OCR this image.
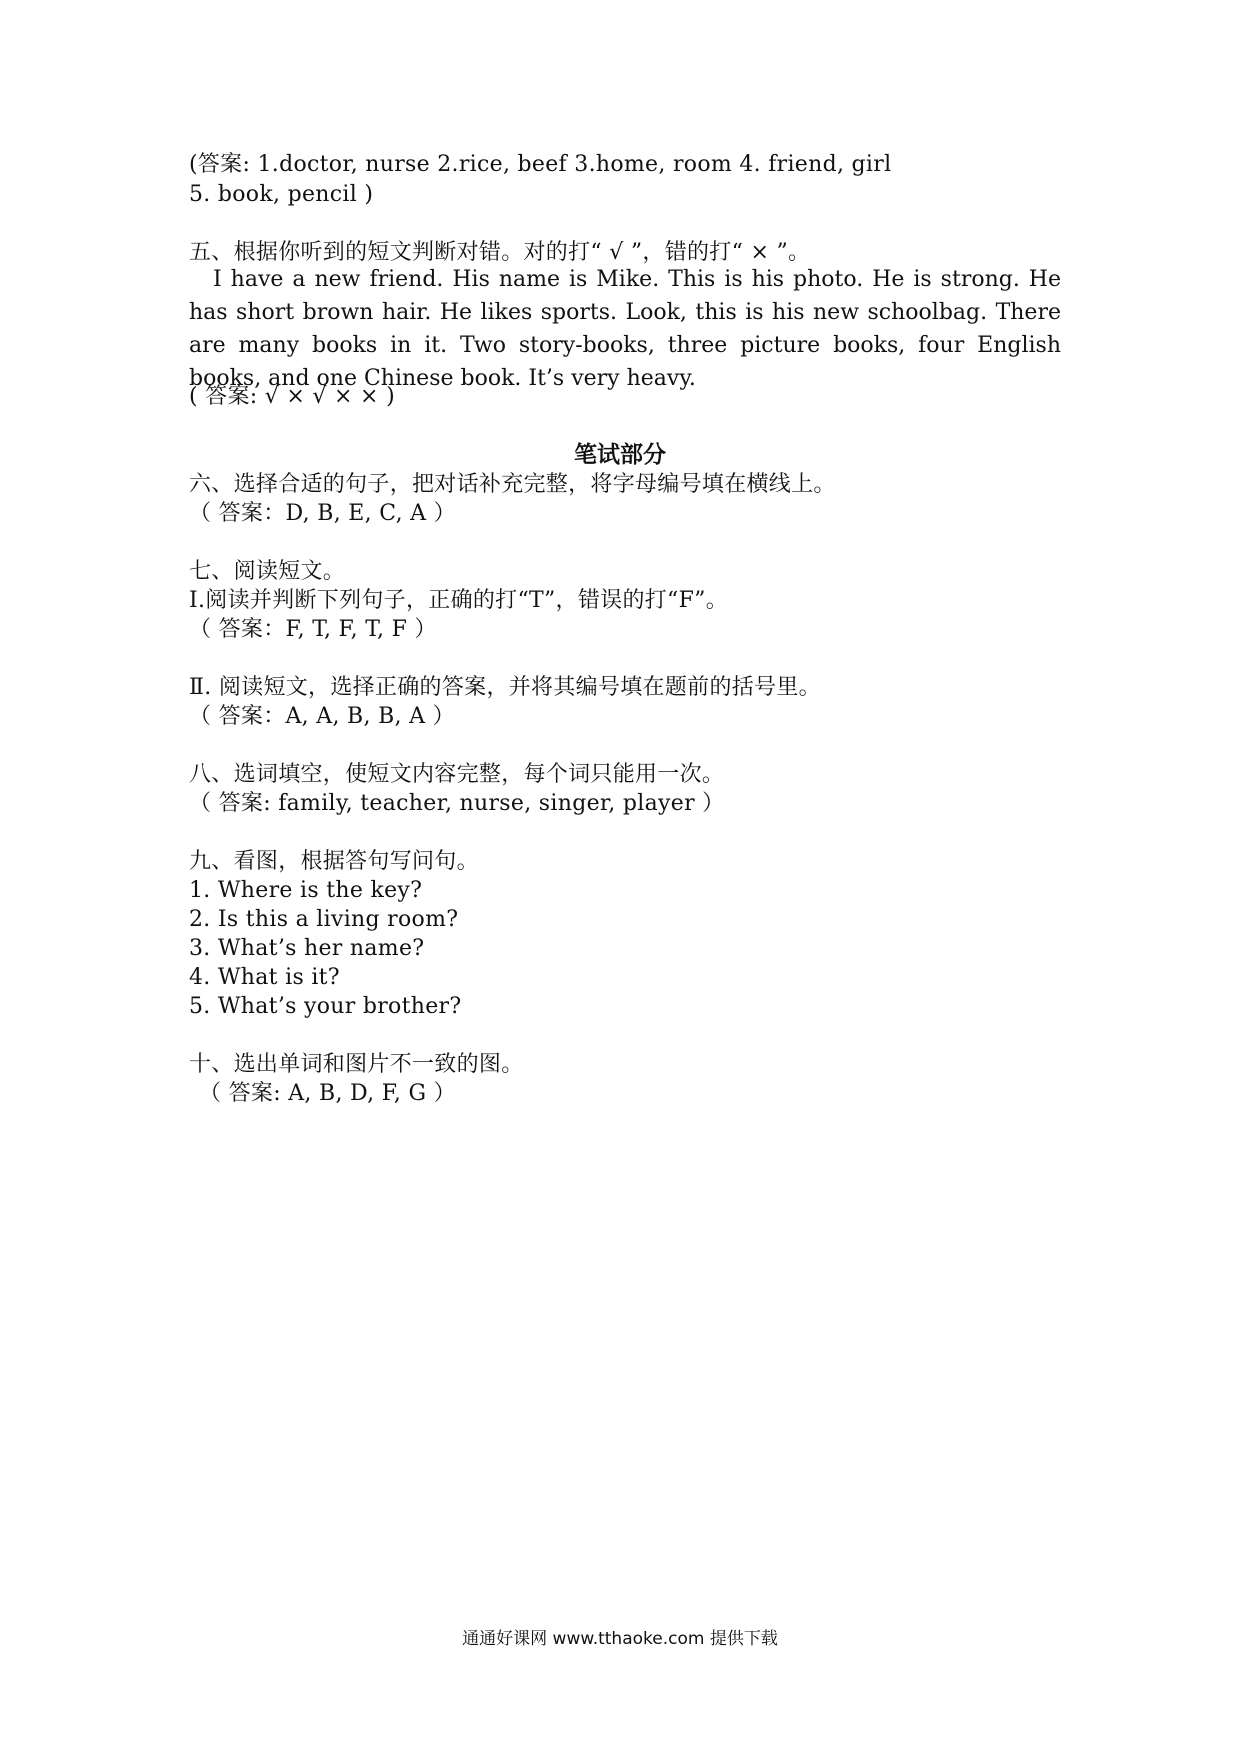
(答案: 1.doctor, nurse 2.rice, beef 3.home, room 4. friend, girl
5. book, pencil )
五、根据你听到的短文判断对错。对的打“ √ ”，错的打“ × ”。
I have a new friend. His name is Mike. This is his photo. He is strong. He has short brown hair. He likes sports. Look, this is his new schoolbag. There are many books in it. Two story-books, three picture books, four English books, and one Chinese book. It’s very heavy.
( 答案: √ × √ × × )
笔试部分
六、选择合适的句子，把对话补充完整，将字母编号填在横线上。
（ 答案：D, B, E, C, A ）
七、阅读短文。
Ⅰ.阅读并判断下列句子，正确的打“T”，错误的打“F”。
（ 答案：F, T, F, T, F ）
Ⅱ. 阅读短文，选择正确的答案，并将其编号填在题前的括号里。
（ 答案：A, A, B, B, A ）
八、选词填空，使短文内容完整，每个词只能用一次。
（ 答案: family, teacher, nurse, singer, player ）
九、看图，根据答句写问句。
1. Where is the key?
2. Is this a living room?
3. What’s her name?
4. What is it?
5. What’s your brother?
十、选出单词和图片不一致的图。
（ 答案: A, B, D, F, G ）
通通好课网 www.tthaoke.com 提供下载
